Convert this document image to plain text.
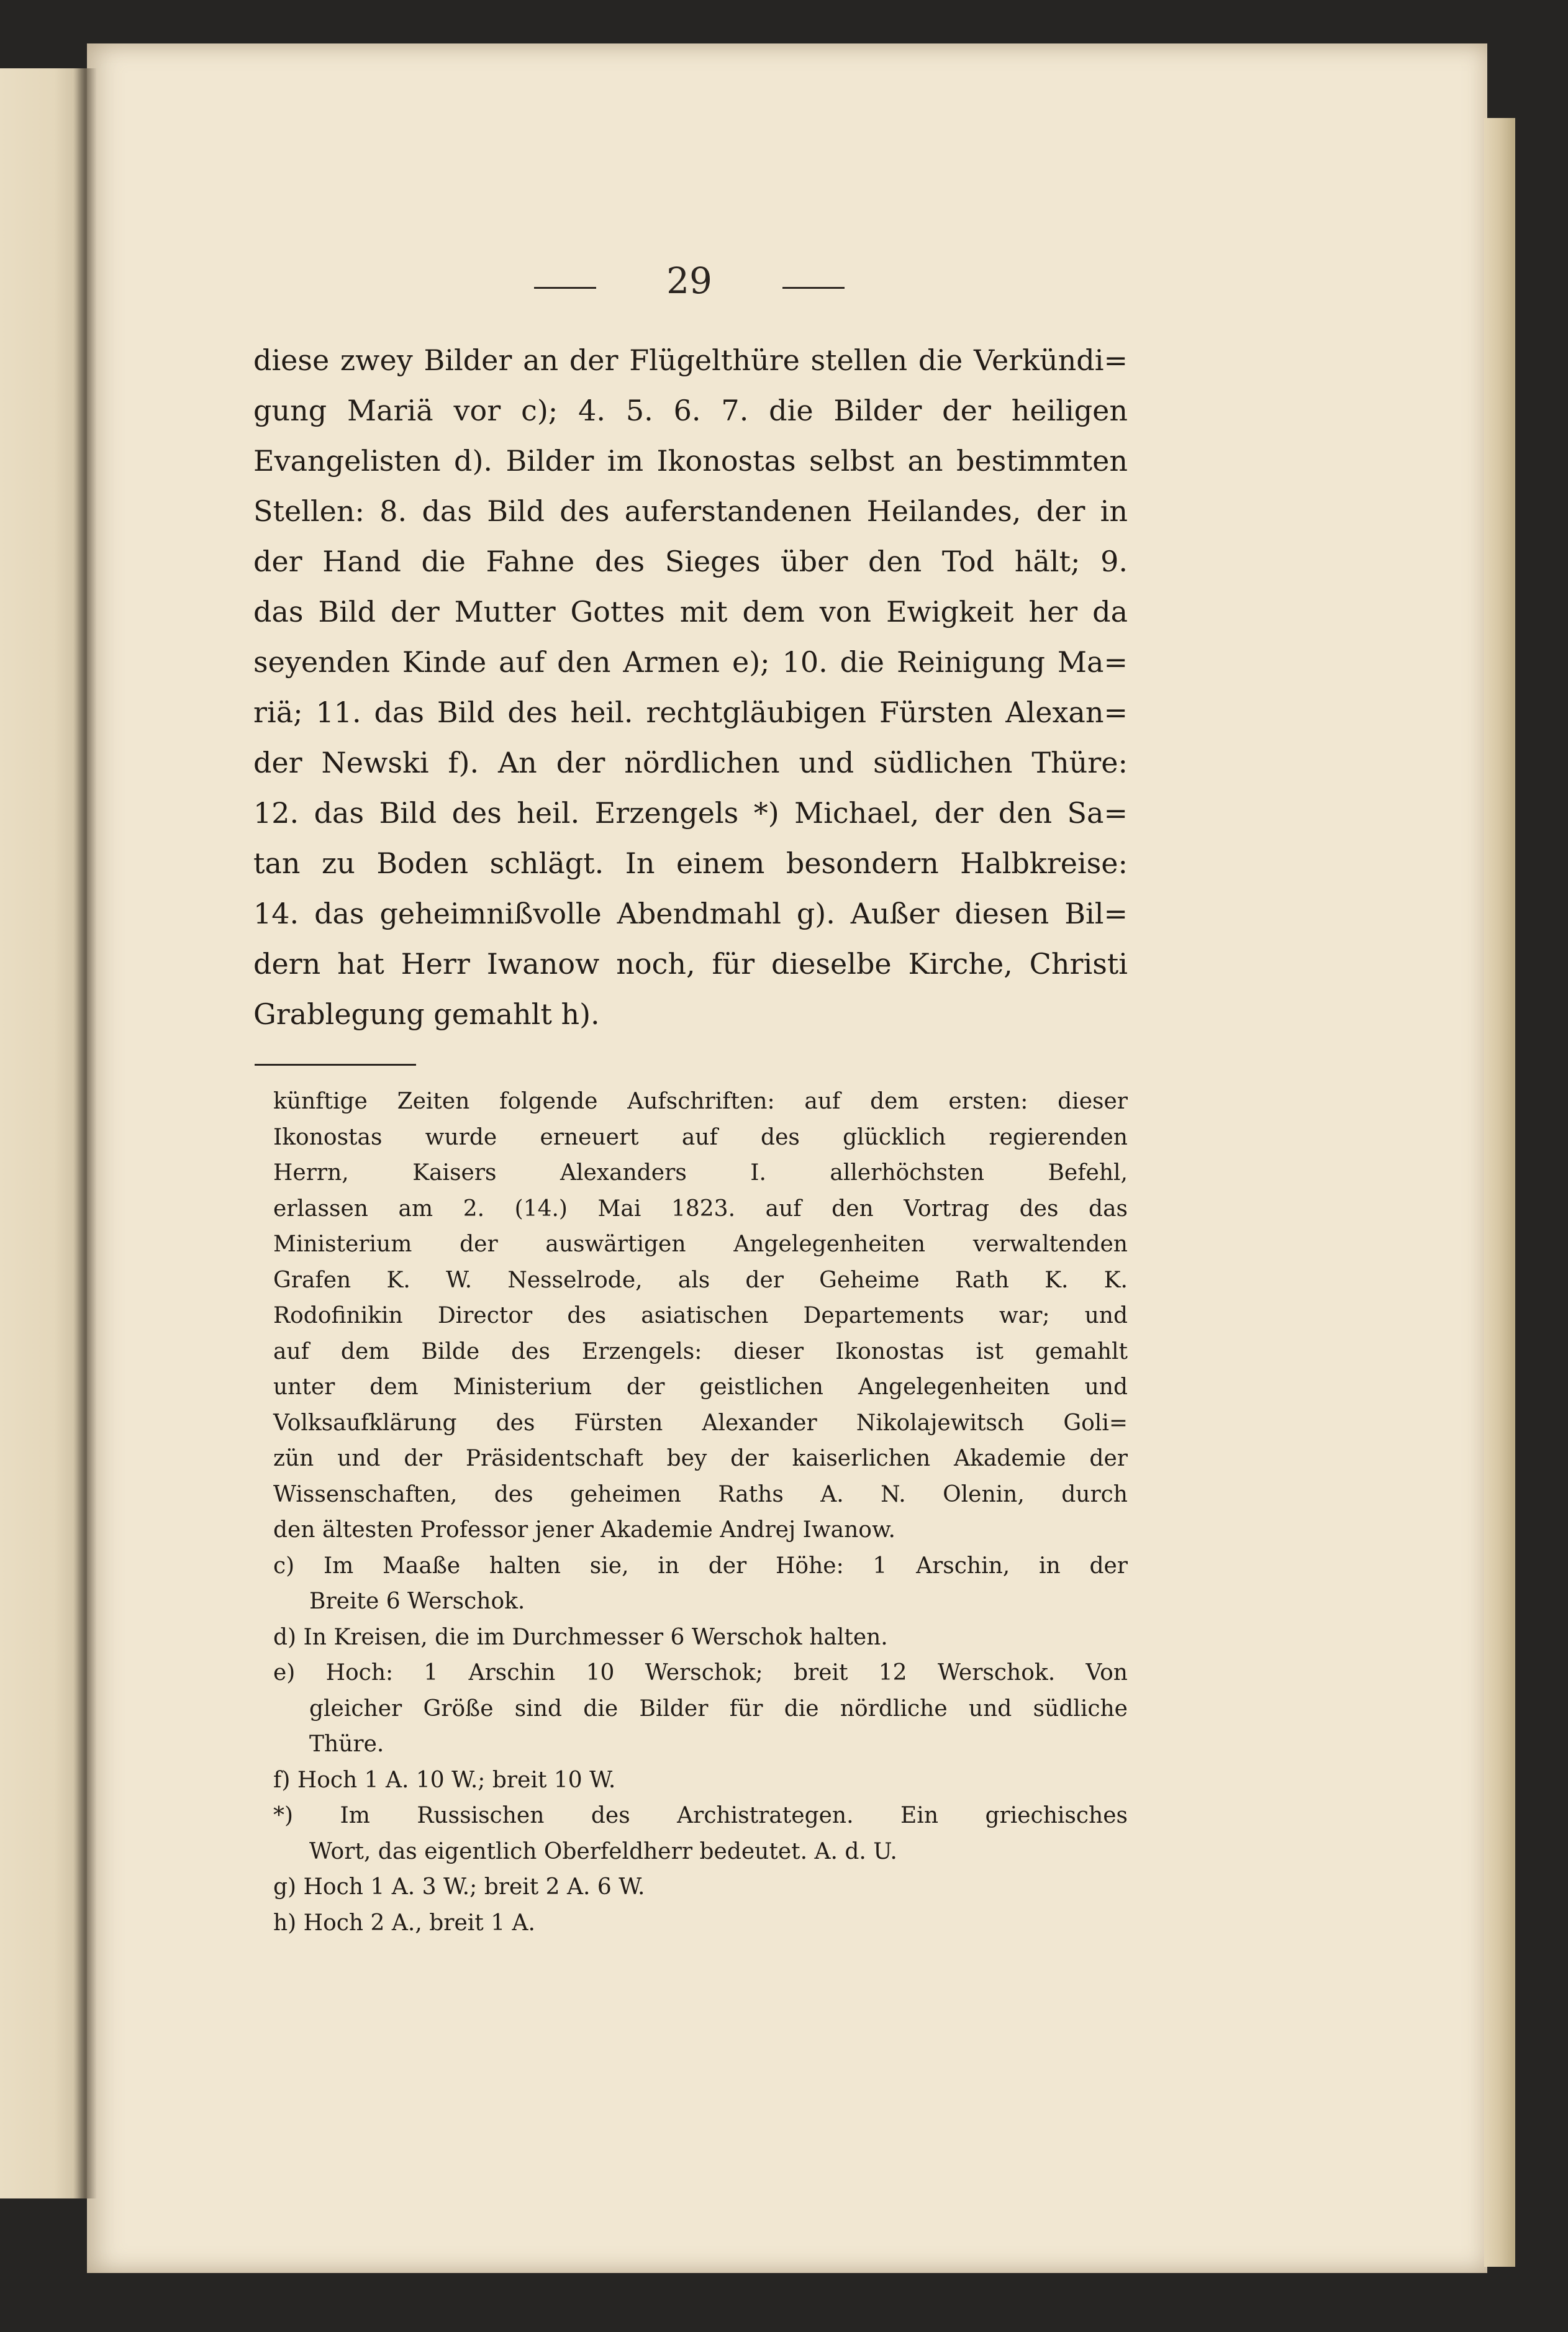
29
diese zwey Bilder an der Flügelthüre stellen die Verkündi=
gung Mariä vor c); 4. 5. 6. 7. die Bilder der heiligen
Evangelisten d). Bilder im Ikonostas selbst an bestimmten
Stellen: 8. das Bild des auferstandenen Heilandes, der in
der Hand die Fahne des Sieges über den Tod hält; 9.
das Bild der Mutter Gottes mit dem von Ewigkeit her da
seyenden Kinde auf den Armen e); 10. die Reinigung Ma=
riä; 11. das Bild des heil. rechtgläubigen Fürsten Alexan=
der Newski f). An der nördlichen und südlichen Thüre:
12. das Bild des heil. Erzengels *) Michael, der den Sa=
tan zu Boden schlägt. In einem besondern Halbkreise:
14. das geheimnißvolle Abendmahl g). Außer diesen Bil=
dern hat Herr Iwanow noch, für dieselbe Kirche, Christi
Grablegung gemahlt h).
künftige Zeiten folgende Aufschriften: auf dem ersten: dieser
Ikonostas wurde erneuert auf des glücklich regierenden
Herrn, Kaisers Alexanders I. allerhöchsten Befehl,
erlassen am 2. (14.) Mai 1823. auf den Vortrag des das
Ministerium der auswärtigen Angelegenheiten verwaltenden
Grafen K. W. Nesselrode, als der Geheime Rath K. K.
Rodofinikin Director des asiatischen Departements war; und
auf dem Bilde des Erzengels: dieser Ikonostas ist gemahlt
unter dem Ministerium der geistlichen Angelegenheiten und
Volksaufklärung des Fürsten Alexander Nikolajewitsch Goli=
zün und der Präsidentschaft bey der kaiserlichen Akademie der
Wissenschaften, des geheimen Raths A. N. Olenin, durch
den ältesten Professor jener Akademie Andrej Iwanow.
c) Im Maaße halten sie, in der Höhe: 1 Arschin, in der
Breite 6 Werschok.
d) In Kreisen, die im Durchmesser 6 Werschok halten.
e) Hoch: 1 Arschin 10 Werschok; breit 12 Werschok. Von
gleicher Größe sind die Bilder für die nördliche und südliche
Thüre.
f) Hoch 1 A. 10 W.; breit 10 W.
*) Im Russischen des Archistrategen. Ein griechisches
Wort, das eigentlich Oberfeldherr bedeutet. A. d. U.
g) Hoch 1 A. 3 W.; breit 2 A. 6 W.
h) Hoch 2 A., breit 1 A.
